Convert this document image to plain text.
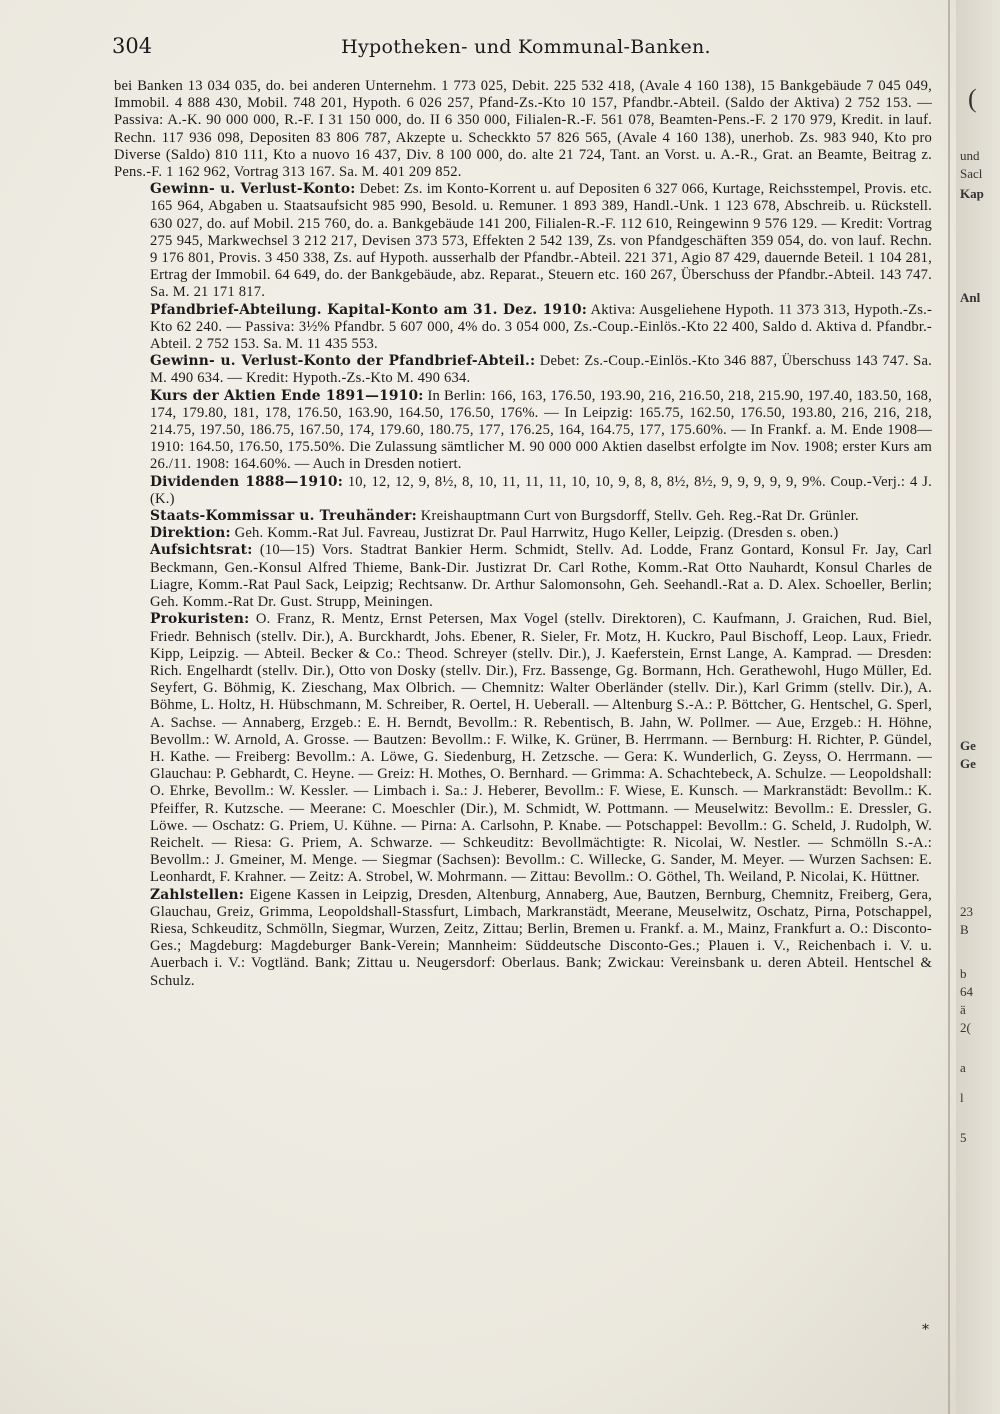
304	Hypotheken- und Kommunal-Banken.

bei Banken 13 034 035, do. bei anderen Unternehm. 1 773 025, Debit. 225 532 418, (Avale 4 160 138), 15 Bankgebäude 7 045 049, Immobil. 4 888 430, Mobil. 748 201, Hypoth. 6 026 257, Pfand-Zs.-Kto 10 157, Pfandbr.-Abteil. (Saldo der Aktiva) 2 752 153. — Passiva: A.-K. 90 000 000, R.-F. I 31 150 000, do. II 6 350 000, Filialen-R.-F. 561 078, Beamten-Pens.-F. 2 170 979, Kredit. in lauf. Rechn. 117 936 098, Depositen 83 806 787, Akzepte u. Scheckkto 57 826 565, (Avale 4 160 138), unerhob. Zs. 983 940, Kto pro Diverse (Saldo) 810 111, Kto a nuovo 16 437, Div. 8 100 000, do. alte 21 724, Tant. an Vorst. u. A.-R., Grat. an Beamte, Beitrag z. Pens.-F. 1 162 962, Vortrag 313 167. Sa. M. 401 209 852.

Gewinn- u. Verlust-Konto: Debet: Zs. im Konto-Korrent u. auf Depositen 6 327 066, Kurtage, Reichsstempel, Provis. etc. 165 964, Abgaben u. Staatsaufsicht 985 990, Besold. u. Remuner. 1 893 389, Handl.-Unk. 1 123 678, Abschreib. u. Rückstell. 630 027, do. auf Mobil. 215 760, do. a. Bankgebäude 141 200, Filialen-R.-F. 112 610, Reingewinn 9 576 129. — Kredit: Vortrag 275 945, Markwechsel 3 212 217, Devisen 373 573, Effekten 2 542 139, Zs. von Pfandgeschäften 359 054, do. von lauf. Rechn. 9 176 801, Provis. 3 450 338, Zs. auf Hypoth. ausserhalb der Pfandbr.-Abteil. 221 371, Agio 87 429, dauernde Beteil. 1 104 281, Ertrag der Immobil. 64 649, do. der Bankgebäude, abz. Reparat., Steuern etc. 160 267, Überschuss der Pfandbr.-Abteil. 143 747. Sa. M. 21 171 817.

Pfandbrief-Abteilung. Kapital-Konto am 31. Dez. 1910: Aktiva: Ausgeliehene Hypoth. 11 373 313, Hypoth.-Zs.-Kto 62 240. — Passiva: 3½% Pfandbr. 5 607 000, 4% do. 3 054 000, Zs.-Coup.-Einlös.-Kto 22 400, Saldo d. Aktiva d. Pfandbr.-Abteil. 2 752 153. Sa. M. 11 435 553.

Gewinn- u. Verlust-Konto der Pfandbrief-Abteil.: Debet: Zs.-Coup.-Einlös.-Kto 346 887, Überschuss 143 747. Sa. M. 490 634. — Kredit: Hypoth.-Zs.-Kto M. 490 634.

Kurs der Aktien Ende 1891—1910: In Berlin: 166, 163, 176.50, 193.90, 216, 216.50, 218, 215.90, 197.40, 183.50, 168, 174, 179.80, 181, 178, 176.50, 163.90, 164.50, 176.50, 176%. — In Leipzig: 165.75, 162.50, 176.50, 193.80, 216, 216, 218, 214.75, 197.50, 186.75, 167.50, 174, 179.60, 180.75, 177, 176.25, 164, 164.75, 177, 175.60%. — In Frankf. a. M. Ende 1908—1910: 164.50, 176.50, 175.50%. Die Zulassung sämtlicher M. 90 000 000 Aktien daselbst erfolgte im Nov. 1908; erster Kurs am 26./11. 1908: 164.60%. — Auch in Dresden notiert.

Dividenden 1888—1910: 10, 12, 12, 9, 8½, 8, 10, 11, 11, 11, 10, 10, 9, 8, 8, 8½, 8½, 9, 9, 9, 9, 9, 9%. Coup.-Verj.: 4 J. (K.)

Staats-Kommissar u. Treuhänder: Kreishauptmann Curt von Burgsdorff, Stellv. Geh. Reg.-Rat Dr. Grünler.

Direktion: Geh. Komm.-Rat Jul. Favreau, Justizrat Dr. Paul Harrwitz, Hugo Keller, Leipzig. (Dresden s. oben.)

Aufsichtsrat: (10—15) Vors. Stadtrat Bankier Herm. Schmidt, Stellv. Ad. Lodde, Franz Gontard, Konsul Fr. Jay, Carl Beckmann, Gen.-Konsul Alfred Thieme, Bank-Dir. Justizrat Dr. Carl Rothe, Komm.-Rat Otto Nauhardt, Konsul Charles de Liagre, Komm.-Rat Paul Sack, Leipzig; Rechtsanw. Dr. Arthur Salomonsohn, Geh. Seehandl.-Rat a. D. Alex. Schoeller, Berlin; Geh. Komm.-Rat Dr. Gust. Strupp, Meiningen.

Prokuristen: O. Franz, R. Mentz, Ernst Petersen, Max Vogel (stellv. Direktoren), C. Kaufmann, J. Graichen, Rud. Biel, Friedr. Behnisch (stellv. Dir.), A. Burckhardt, Johs. Ebener, R. Sieler, Fr. Motz, H. Kuckro, Paul Bischoff, Leop. Laux, Friedr. Kipp, Leipzig. — Abteil. Becker & Co.: Theod. Schreyer (stellv. Dir.), J. Kaeferstein, Ernst Lange, A. Kamprad. — Dresden: Rich. Engelhardt (stellv. Dir.), Otto von Dosky (stellv. Dir.), Frz. Bassenge, Gg. Bormann, Hch. Gerathewohl, Hugo Müller, Ed. Seyfert, G. Böhmig, K. Zieschang, Max Olbrich. — Chemnitz: Walter Oberländer (stellv. Dir.), Karl Grimm (stellv. Dir.), A. Böhme, L. Holtz, H. Hübschmann, M. Schreiber, R. Oertel, H. Ueberall. — Altenburg S.-A.: P. Böttcher, G. Hentschel, G. Sperl, A. Sachse. — Annaberg, Erzgeb.: E. H. Berndt, Bevollm.: R. Rebentisch, B. Jahn, W. Pollmer. — Aue, Erzgeb.: H. Höhne, Bevollm.: W. Arnold, A. Grosse. — Bautzen: Bevollm.: F. Wilke, K. Grüner, B. Herrmann. — Bernburg: H. Richter, P. Gündel, H. Kathe. — Freiberg: Bevollm.: A. Löwe, G. Siedenburg, H. Zetzsche. — Gera: K. Wunderlich, G. Zeyss, O. Herrmann. — Glauchau: P. Gebhardt, C. Heyne. — Greiz: H. Mothes, O. Bernhard. — Grimma: A. Schachtebeck, A. Schulze. — Leopoldshall: O. Ehrke, Bevollm.: W. Kessler. — Limbach i. Sa.: J. Heberer, Bevollm.: F. Wiese, E. Kunsch. — Markranstädt: Bevollm.: K. Pfeiffer, R. Kutzsche. — Meerane: C. Moeschler (Dir.), M. Schmidt, W. Pottmann. — Meuselwitz: Bevollm.: E. Dressler, G. Löwe. — Oschatz: G. Priem, U. Kühne. — Pirna: A. Carlsohn, P. Knabe. — Potschappel: Bevollm.: G. Scheld, J. Rudolph, W. Reichelt. — Riesa: G. Priem, A. Schwarze. — Schkeuditz: Bevollmächtigte: R. Nicolai, W. Nestler. — Schmölln S.-A.: Bevollm.: J. Gmeiner, M. Menge. — Siegmar (Sachsen): Bevollm.: C. Willecke, G. Sander, M. Meyer. — Wurzen Sachsen: E. Leonhardt, F. Krahner. — Zeitz: A. Strobel, W. Mohrmann. — Zittau: Bevollm.: O. Göthel, Th. Weiland, P. Nicolai, K. Hüttner.

Zahlstellen: Eigene Kassen in Leipzig, Dresden, Altenburg, Annaberg, Aue, Bautzen, Bernburg, Chemnitz, Freiberg, Gera, Glauchau, Greiz, Grimma, Leopoldshall-Stassfurt, Limbach, Markranstädt, Meerane, Meuselwitz, Oschatz, Pirna, Potschappel, Riesa, Schkeuditz, Schmölln, Siegmar, Wurzen, Zeitz, Zittau; Berlin, Bremen u. Frankf. a. M., Mainz, Frankfurt a. O.: Disconto-Ges.; Magdeburg: Magdeburger Bank-Verein; Mannheim: Süddeutsche Disconto-Ges.; Plauen i. V., Reichenbach i. V. u. Auerbach i. V.: Vogtländ. Bank; Zittau u. Neugersdorf: Oberlaus. Bank; Zwickau: Vereinsbank u. deren Abteil. Hentschel & Schulz.

*
(
und
Sacl
Kap
Anl
Ge
Ge
23
B
b
64
ä
2(
a
l
5
